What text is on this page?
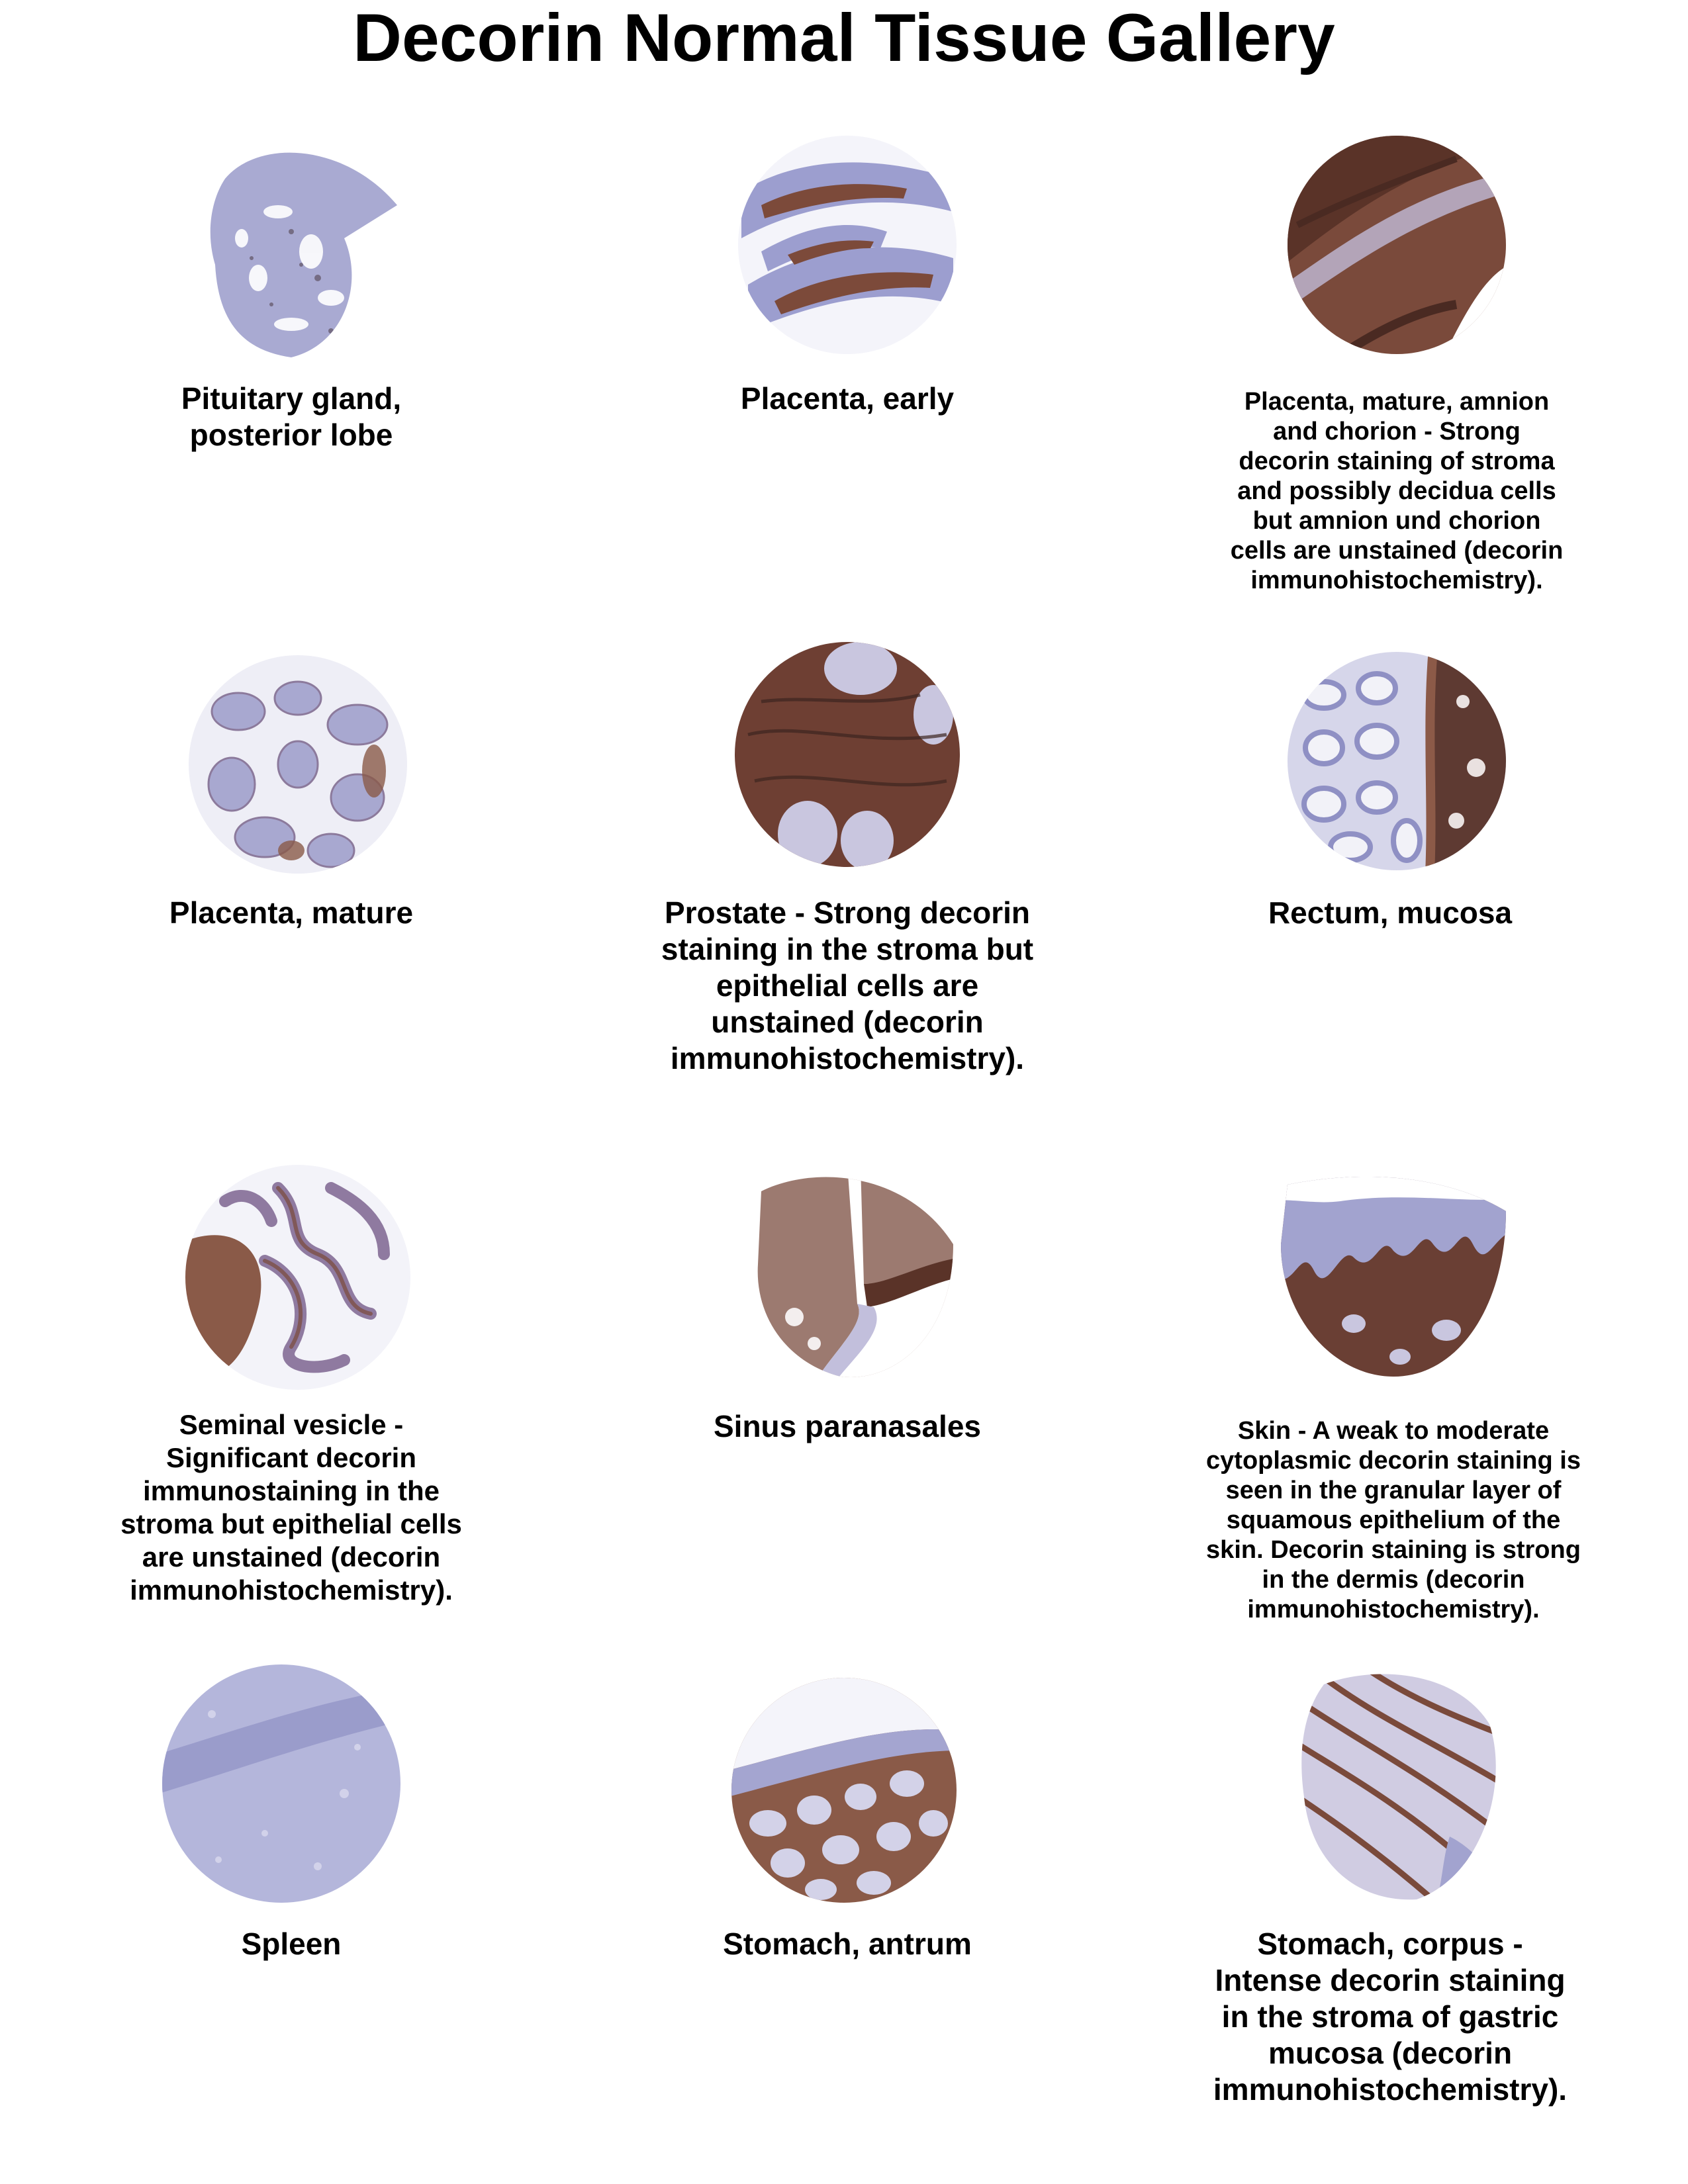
Decorin Normal Tissue Gallery
Pituitary gland, posterior lobe
Placenta, early	Placenta, mature, amnion and chorion - Strong decorin staining of stroma and possibly decidua cells but amnion und chorion cells are unstained (decorin immunohistochemistry).
Placenta, mature	Prostate - Strong decorin staining in the stroma but epithelial cells are unstained (decorin immunohistochemistry).
Rectum, mucosa
Seminal vesicle - Significant decorin immunostaining in the stroma but epithelial cells are unstained (decorin immunohistochemistry).
Sinus paranasales	Skin - A weak to moderate cytoplasmic decorin staining is seen in the granular layer of squamous epithelium of the skin. Decorin staining is strong in the dermis (decorin immunohistochemistry).
Spleen	Stomach, antrum	Stomach, corpus - Intense decorin staining in the stroma of gastric mucosa (decorin immunohistochemistry).
